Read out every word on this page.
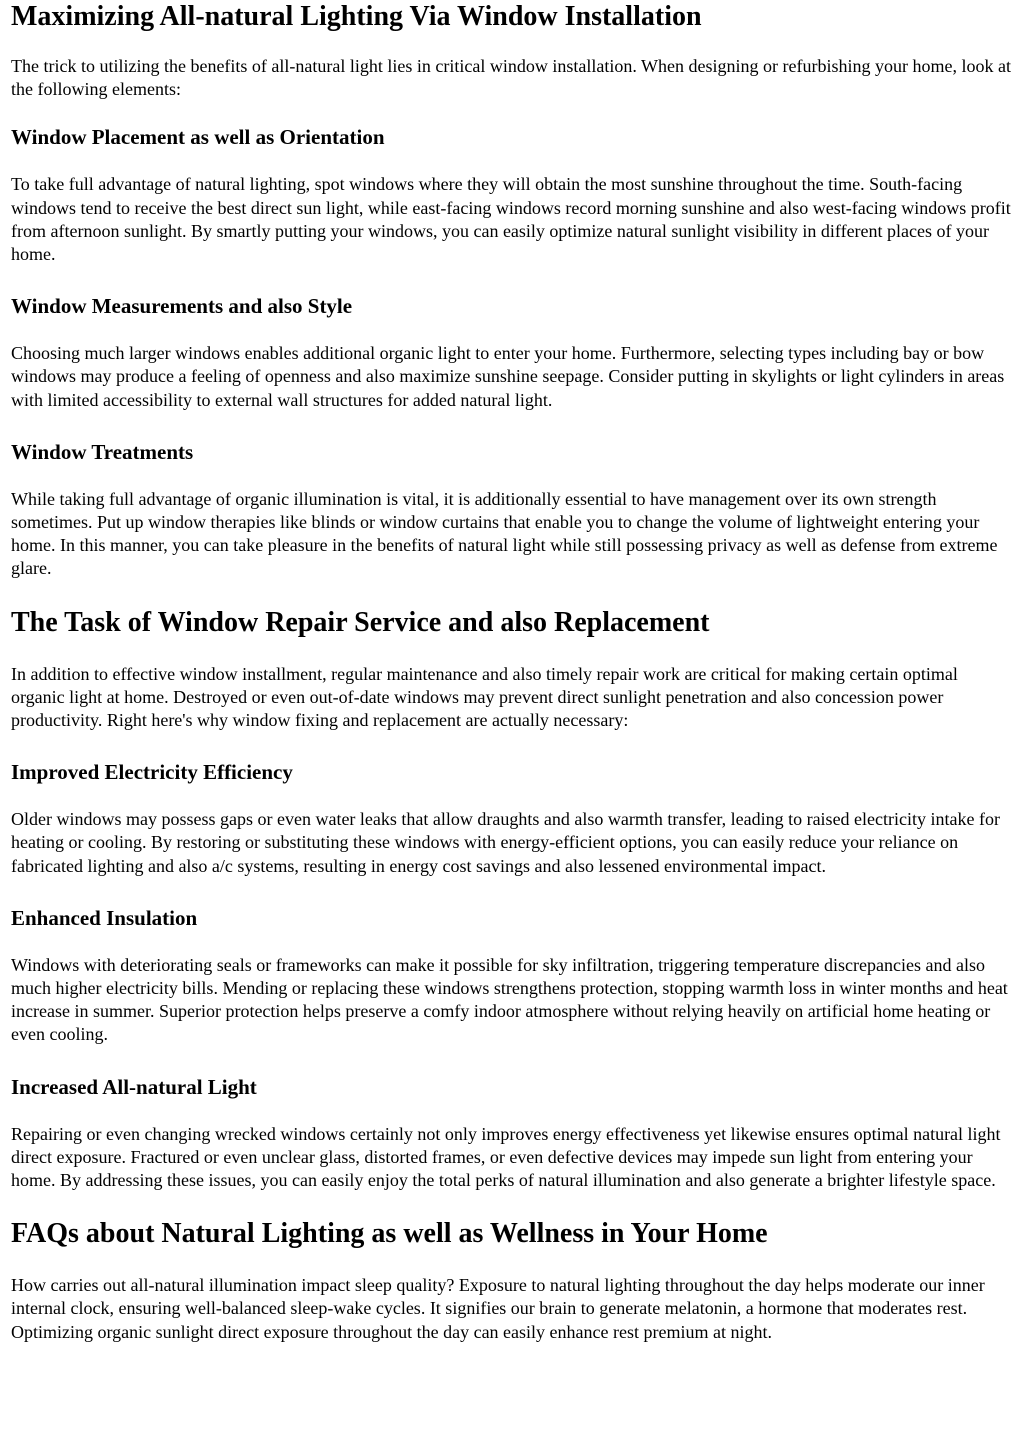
Maximizing All-natural Lighting Via Window Installation

The trick to utilizing the benefits of all-natural light lies in critical window installation. When designing or refurbishing your home, look at the following elements:

Window Placement as well as Orientation

To take full advantage of natural lighting, spot windows where they will obtain the most sunshine throughout the time. South-facing windows tend to receive the best direct sun light, while east-facing windows record morning sunshine and also west-facing windows profit from afternoon sunlight. By smartly putting your windows, you can easily optimize natural sunlight visibility in different places of your home.

Window Measurements and also Style

Choosing much larger windows enables additional organic light to enter your home. Furthermore, selecting types including bay or bow windows may produce a feeling of openness and also maximize sunshine seepage. Consider putting in skylights or light cylinders in areas with limited accessibility to external wall structures for added natural light.

Window Treatments

While taking full advantage of organic illumination is vital, it is additionally essential to have management over its own strength sometimes. Put up window therapies like blinds or window curtains that enable you to change the volume of lightweight entering your home. In this manner, you can take pleasure in the benefits of natural light while still possessing privacy as well as defense from extreme glare.

The Task of Window Repair Service and also Replacement

In addition to effective window installment, regular maintenance and also timely repair work are critical for making certain optimal organic light at home. Destroyed or even out-of-date windows may prevent direct sunlight penetration and also concession power productivity. Right here's why window fixing and replacement are actually necessary:

Improved Electricity Efficiency

Older windows may possess gaps or even water leaks that allow draughts and also warmth transfer, leading to raised electricity intake for heating or cooling. By restoring or substituting these windows with energy-efficient options, you can easily reduce your reliance on fabricated lighting and also a/c systems, resulting in energy cost savings and also lessened environmental impact.

Enhanced Insulation

Windows with deteriorating seals or frameworks can make it possible for sky infiltration, triggering temperature discrepancies and also much higher electricity bills. Mending or replacing these windows strengthens protection, stopping warmth loss in winter months and heat increase in summer. Superior protection helps preserve a comfy indoor atmosphere without relying heavily on artificial home heating or even cooling.

Increased All-natural Light

Repairing or even changing wrecked windows certainly not only improves energy effectiveness yet likewise ensures optimal natural light direct exposure. Fractured or even unclear glass, distorted frames, or even defective devices may impede sun light from entering your home. By addressing these issues, you can easily enjoy the total perks of natural illumination and also generate a brighter lifestyle space.

FAQs about Natural Lighting as well as Wellness in Your Home

How carries out all-natural illumination impact sleep quality? Exposure to natural lighting throughout the day helps moderate our inner internal clock, ensuring well-balanced sleep-wake cycles. It signifies our brain to generate melatonin, a hormone that moderates rest. Optimizing organic sunlight direct exposure throughout the day can easily enhance rest premium at night.
